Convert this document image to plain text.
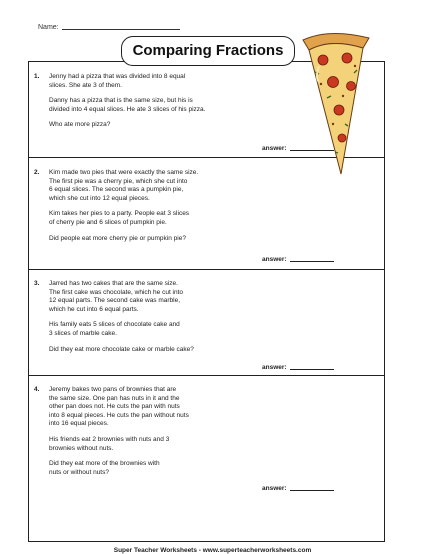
Name:
Comparing Fractions
1. Jenny had a pizza that was divided into 8 equal
slices. She ate 3 of them.

Danny has a pizza that is the same size, but his is
divided into 4 equal slices. He ate 3 slices of his pizza.

Who ate more pizza?

answer:
2. Kim made two pies that were exactly the same size.
The first pie was a cherry pie, which she cut into
6 equal slices. The second was a pumpkin pie,
which she cut into 12 equal pieces.

Kim takes her pies to a party. People eat 3 slices
of cherry pie and 6 slices of pumpkin pie.

Did people eat more cherry pie or pumpkin pie?

answer:
3. Jarred has two cakes that are the same size.
The first cake was chocolate, which he cut into
12 equal parts. The second cake was marble,
which he cut into 6 equal parts.

His family eats 5 slices of chocolate cake and
3 slices of marble cake.

Did they eat more chocolate cake or marble cake?

answer:
4. Jeremy bakes two pans of brownies that are
the same size. One pan has nuts in it and the
other pan does not. He cuts the pan with nuts
into 8 equal pieces. He cuts the pan without nuts
into 16 equal pieces.

His friends eat 2 brownies with nuts and 3
brownies without nuts.

Did they eat more of the brownies with
nuts or without nuts?

answer:
Super Teacher Worksheets - www.superteacherworksheets.com
